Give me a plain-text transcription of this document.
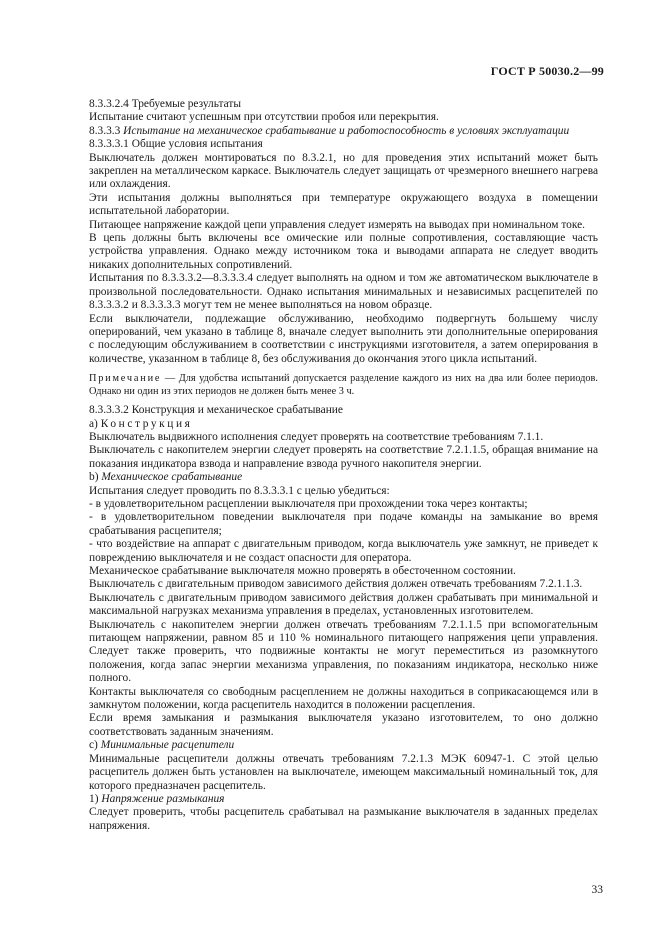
ГОСТ Р 50030.2—99

8.3.3.2.4 Требуемые результаты

Испытание считают успешным при отсутствии пробоя или перекрытия.

8.3.3.3 Испытание на механическое срабатывание и работоспособность в условиях эксплуатации

8.3.3.3.1 Общие условия испытания

Выключатель должен монтироваться по 8.3.2.1, но для проведения этих испытаний может быть закреплен на металлическом каркасе. Выключатель следует защищать от чрезмерного внешнего нагрева или охлаждения.

Эти испытания должны выполняться при температуре окружающего воздуха в помещении испытательной лаборатории.

Питающее напряжение каждой цепи управления следует измерять на выводах при номинальном токе.

В цепь должны быть включены все омические или полные сопротивления, составляющие часть устройства управления. Однако между источником тока и выводами аппарата не следует вводить никаких дополнительных сопротивлений.

Испытания по 8.3.3.3.2—8.3.3.3.4 следует выполнять на одном и том же автоматическом выключателе в произвольной последовательности. Однако испытания минимальных и независимых расцепителей по 8.3.3.3.2 и 8.3.3.3.3 могут тем не менее выполняться на новом образце.

Если выключатели, подлежащие обслуживанию, необходимо подвергнуть большему числу оперирований, чем указано в таблице 8, вначале следует выполнить эти дополнительные оперирования с последующим обслуживанием в соответствии с инструкциями изготовителя, а затем оперирования в количестве, указанном в таблице 8, без обслуживания до окончания этого цикла испытаний.

Примечание — Для удобства испытаний допускается разделение каждого из них на два или более периодов. Однако ни один из этих периодов не должен быть менее 3 ч.

8.3.3.3.2 Конструкция и механическое срабатывание

a) Конструкция

Выключатель выдвижного исполнения следует проверять на соответствие требованиям 7.1.1.

Выключатель с накопителем энергии следует проверять на соответствие 7.2.1.1.5, обращая внимание на показания индикатора взвода и направление взвода ручного накопителя энергии.

b) Механическое срабатывание

Испытания следует проводить по 8.3.3.3.1 с целью убедиться:

- в удовлетворительном расцеплении выключателя при прохождении тока через контакты;

- в удовлетворительном поведении выключателя при подаче команды на замыкание во время срабатывания расцепителя;

- что воздействие на аппарат с двигательным приводом, когда выключатель уже замкнут, не приведет к повреждению выключателя и не создаст опасности для оператора.

Механическое срабатывание выключателя можно проверять в обесточенном состоянии.

Выключатель с двигательным приводом зависимого действия должен отвечать требованиям 7.2.1.1.3.

Выключатель с двигательным приводом зависимого действия должен срабатывать при минимальной и максимальной нагрузках механизма управления в пределах, установленных изготовителем.

Выключатель с накопителем энергии должен отвечать требованиям 7.2.1.1.5 при вспомогательным питающем напряжении, равном 85 и 110 % номинального питающего напряжения цепи управления. Следует также проверить, что подвижные контакты не могут переместиться из разомкнутого положения, когда запас энергии механизма управления, по показаниям индикатора, несколько ниже полного.

Контакты выключателя со свободным расцеплением не должны находиться в соприкасающемся или в замкнутом положении, когда расцепитель находится в положении расцепления.

Если время замыкания и размыкания выключателя указано изготовителем, то оно должно соответствовать заданным значениям.

c) Минимальные расцепители

Минимальные расцепители должны отвечать требованиям 7.2.1.3 МЭК 60947-1. С этой целью расцепитель должен быть установлен на выключателе, имеющем максимальный номинальный ток, для которого предназначен расцепитель.

1) Напряжение размыкания

Следует проверить, чтобы расцепитель срабатывал на размыкание выключателя в заданных пределах напряжения.

33
